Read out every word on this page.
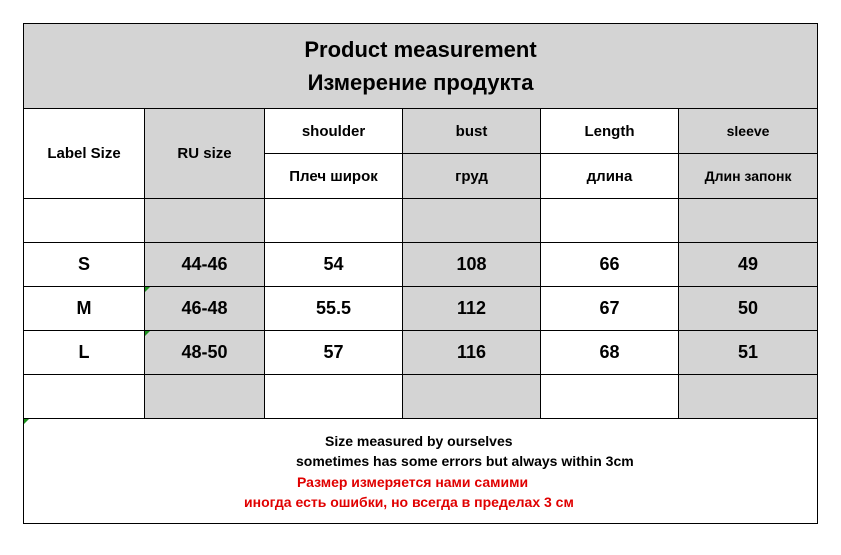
Product measurement
Измерение продукта					

Label Size	RU size	shoulder	bust	Length	sleeve
		Плеч широк	груд	длина	Длин запонк

S	44-46	54	108	66	49
M	46-48	55.5	112	67	50
L	48-50	57	116	68	51

Size measured by ourselves
sometimes has some errors but always within 3cm
Размер измеряется нами самими
иногда есть ошибки, но всегда в пределах 3 см					
